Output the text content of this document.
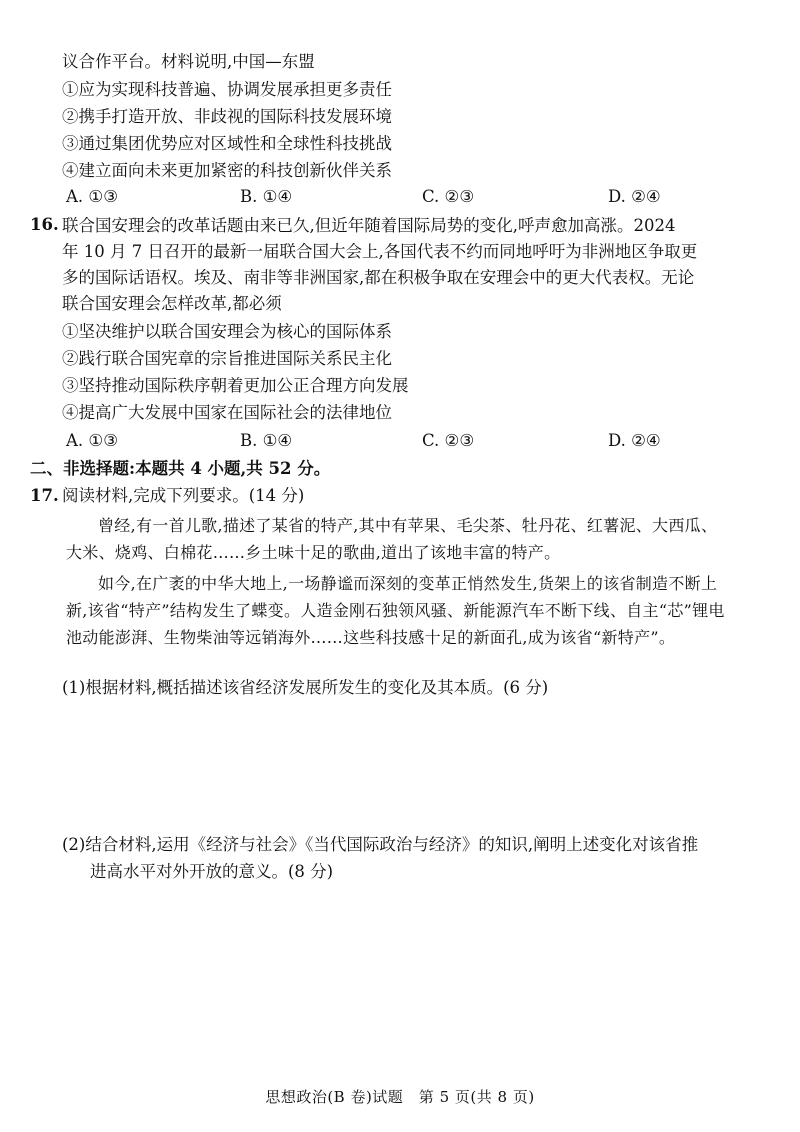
议合作平台。材料说明,中国—东盟
①应为实现科技普遍、协调发展承担更多责任
②携手打造开放、非歧视的国际科技发展环境
③通过集团优势应对区域性和全球性科技挑战
④建立面向未来更加紧密的科技创新伙伴关系
A. ①③	B. ①④	C. ②③	D. ②④
16. 联合国安理会的改革话题由来已久,但近年随着国际局势的变化,呼声愈加高涨。2024

年 10 月 7 日召开的最新一届联合国大会上,各国代表不约而同地呼吁为非洲地区争取更

多的国际话语权。埃及、南非等非洲国家,都在积极争取在安理会中的更大代表权。无论

联合国安理会怎样改革,都必须

①坚决维护以联合国安理会为核心的国际体系
②践行联合国宪章的宗旨推进国际关系民主化
③坚持推动国际秩序朝着更加公正合理方向发展
④提高广大发展中国家在国际社会的法律地位
A. ①③	B. ①④	C. ②③	D. ②④
二、非选择题:本题共 4 小题,共 52 分。
17. 阅读材料,完成下列要求。(14 分)

曾经,有一首儿歌,描述了某省的特产,其中有苹果、毛尖茶、牡丹花、红薯泥、大西瓜、大米、烧鸡、白棉花……乡土味十足的歌曲,道出了该地丰富的特产。

如今,在广袤的中华大地上,一场静谧而深刻的变革正悄然发生,货架上的该省制造不断上新,该省“特产”结构发生了蝶变。人造金刚石独领风骚、新能源汽车不断下线、自主“芯”锂电池动能澎湃、生物柴油等远销海外……这些科技感十足的新面孔,成为该省“新特产”。

(1)根据材料,概括描述该省经济发展所发生的变化及其本质。(6 分)
(2)结合材料,运用《经济与社会》《当代国际政治与经济》的知识,阐明上述变化对该省推
进高水平对外开放的意义。(8 分)
思想政治(B 卷)试题　第 5 页(共 8 页)
